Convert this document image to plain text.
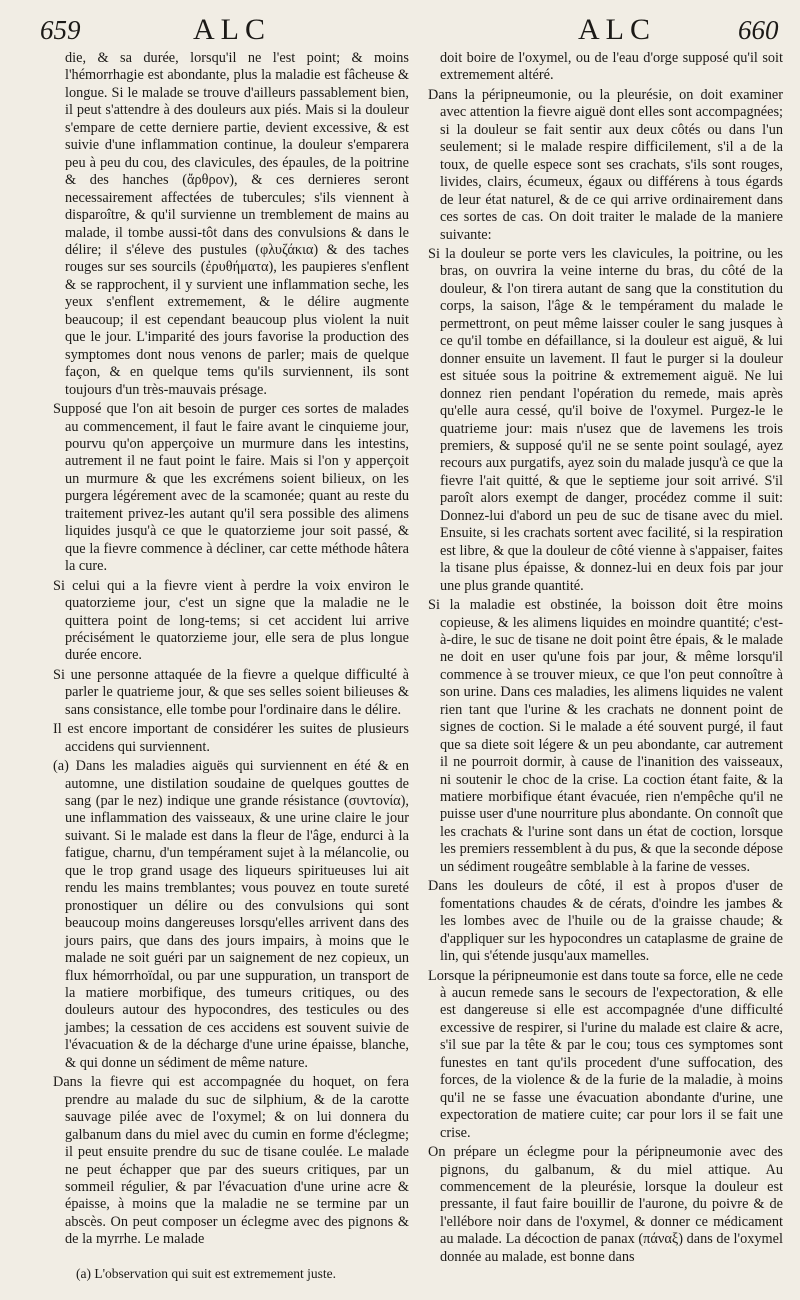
659	ALC	ALC	660

die, & sa durée, lorsqu'il ne l'est point; & moins l'hémorrhagie est abondante, plus la maladie est fâcheuse & longue. Si le malade se trouve d'ailleurs passablement bien, il peut s'attendre à des douleurs aux piés. Mais si la douleur s'empare de cette derniere partie, devient excessive, & est suivie d'une inflammation continue, la douleur s'emparera peu à peu du cou, des clavicules, des épaules, de la poitrine & des hanches (ἄρθρον), & ces dernieres seront necessairement affectées de tubercules; s'ils viennent à disparoître, & qu'il survienne un tremblement de mains au malade, il tombe aussi-tôt dans des convulsions & dans le délire; il s'éleve des pustules (φλυζάκια) & des taches rouges sur ses sourcils (ἐρυθήματα), les paupieres s'enflent & se rapprochent, il y survient une inflammation seche, les yeux s'enflent extremement, & le délire augmente beaucoup; il est cependant beaucoup plus violent la nuit que le jour. L'imparité des jours favorise la production des symptomes dont nous venons de parler; mais de quelque façon, & en quelque tems qu'ils surviennent, ils sont toujours d'un très-mauvais présage.

Supposé que l'on ait besoin de purger ces sortes de malades au commencement, il faut le faire avant le cinquieme jour, pourvu qu'on apperçoive un murmure dans les intestins, autrement il ne faut point le faire. Mais si l'on y apperçoit un murmure & que les excrémens soient bilieux, on les purgera légérement avec de la scamonée; quant au reste du traitement privez-les autant qu'il sera possible des alimens liquides jusqu'à ce que le quatorzieme jour soit passé, & que la fievre commence à décliner, car cette méthode hâtera la cure.

Si celui qui a la fievre vient à perdre la voix environ le quatorzieme jour, c'est un signe que la maladie ne le quittera point de long-tems; si cet accident lui arrive précisément le quatorzieme jour, elle sera de plus longue durée encore.

Si une personne attaquée de la fievre a quelque difficulté à parler le quatrieme jour, & que ses selles soient bilieuses & sans consistance, elle tombe pour l'ordinaire dans le délire.

Il est encore important de considérer les suites de plusieurs accidens qui surviennent.

(a) Dans les maladies aiguës qui surviennent en été & en automne, une distilation soudaine de quelques gouttes de sang (par le nez) indique une grande résistance (συντονία), une inflammation des vaisseaux, & une urine claire le jour suivant. Si le malade est dans la fleur de l'âge, endurci à la fatigue, charnu, d'un tempérament sujet à la mélancolie, ou que le trop grand usage des liqueurs spiritueuses lui ait rendu les mains tremblantes; vous pouvez en toute sureté pronostiquer un délire ou des convulsions qui sont beaucoup moins dangereuses lorsqu'elles arrivent dans des jours pairs, que dans des jours impairs, à moins que le malade ne soit guéri par un saignement de nez copieux, un flux hémorrhoïdal, ou par une suppuration, un transport de la matiere morbifique, des tumeurs critiques, ou des douleurs autour des hypocondres, des testicules ou des jambes; la cessation de ces accidens est souvent suivie de l'évacuation & de la décharge d'une urine épaisse, blanche, & qui donne un sédiment de même nature.

Dans la fievre qui est accompagnée du hoquet, on fera prendre au malade du suc de silphium, & de la carotte sauvage pilée avec de l'oxymel; & on lui donnera du galbanum dans du miel avec du cumin en forme d'éclegme; il peut ensuite prendre du suc de tisane coulée. Le malade ne peut échapper que par des sueurs critiques, par un sommeil régulier, & par l'évacuation d'une urine acre & épaisse, à moins que la maladie ne se termine par un abscès. On peut composer un éclegme avec des pignons & de la myrrhe. Le malade

doit boire de l'oxymel, ou de l'eau d'orge supposé qu'il soit extremement altéré.

Dans la péripneumonie, ou la pleurésie, on doit examiner avec attention la fievre aiguë dont elles sont accompagnées; si la douleur se fait sentir aux deux côtés ou dans l'un seulement; si le malade respire difficilement, s'il a de la toux, de quelle espece sont ses crachats, s'ils sont rouges, livides, clairs, écumeux, égaux ou différens à tous égards de leur état naturel, & de ce qui arrive ordinairement dans ces sortes de cas. On doit traiter le malade de la maniere suivante:

Si la douleur se porte vers les clavicules, la poitrine, ou les bras, on ouvrira la veine interne du bras, du côté de la douleur, & l'on tirera autant de sang que la constitution du corps, la saison, l'âge & le tempérament du malade le permettront, on peut même laisser couler le sang jusques à ce qu'il tombe en défaillance, si la douleur est aiguë, & lui donner ensuite un lavement. Il faut le purger si la douleur est située sous la poitrine & extremement aiguë. Ne lui donnez rien pendant l'opération du remede, mais après qu'elle aura cessé, qu'il boive de l'oxymel. Purgez-le le quatrieme jour: mais n'usez que de lavemens les trois premiers, & supposé qu'il ne se sente point soulagé, ayez recours aux purgatifs, ayez soin du malade jusqu'à ce que la fievre l'ait quitté, & que le septieme jour soit arrivé. S'il paroît alors exempt de danger, procédez comme il suit: Donnez-lui d'abord un peu de suc de tisane avec du miel. Ensuite, si les crachats sortent avec facilité, si la respiration est libre, & que la douleur de côté vienne à s'appaiser, faites la tisane plus épaisse, & donnez-lui en deux fois par jour une plus grande quantité.

Si la maladie est obstinée, la boisson doit être moins copieuse, & les alimens liquides en moindre quantité; c'est-à-dire, le suc de tisane ne doit point être épais, & le malade ne doit en user qu'une fois par jour, & même lorsqu'il commence à se trouver mieux, ce que l'on peut connoître à son urine. Dans ces maladies, les alimens liquides ne valent rien tant que l'urine & les crachats ne donnent point de signes de coction. Si le malade a été souvent purgé, il faut que sa diete soit légere & un peu abondante, car autrement il ne pourroit dormir, à cause de l'inanition des vaisseaux, ni soutenir le choc de la crise. La coction étant faite, & la matiere morbifique étant évacuée, rien n'empêche qu'il ne puisse user d'une nourriture plus abondante. On connoît que les crachats & l'urine sont dans un état de coction, lorsque les premiers ressemblent à du pus, & que la seconde dépose un sédiment rougeâtre semblable à la farine de vesses.

Dans les douleurs de côté, il est à propos d'user de fomentations chaudes & de cérats, d'oindre les jambes & les lombes avec de l'huile ou de la graisse chaude; & d'appliquer sur les hypocondres un cataplasme de graine de lin, qui s'étende jusqu'aux mamelles.

Lorsque la péripneumonie est dans toute sa force, elle ne cede à aucun remede sans le secours de l'expectoration, & elle est dangereuse si elle est accompagnée d'une difficulté excessive de respirer, si l'urine du malade est claire & acre, s'il sue par la tête & par le cou; tous ces symptomes sont funestes en tant qu'ils procedent d'une suffocation, des forces, de la violence & de la furie de la maladie, à moins qu'il ne se fasse une évacuation abondante d'urine, une expectoration de matiere cuite; car pour lors il se fait une crise.

On prépare un éclegme pour la péripneumonie avec des pignons, du galbanum, & du miel attique. Au commencement de la pleurésie, lorsque la douleur est pressante, il faut faire bouillir de l'aurone, du poivre & de l'ellébore noir dans de l'oxymel, & donner ce médicament au malade. La décoction de panax (πάναξ) dans de l'oxymel donnée au malade, est bonne dans

(a) L'observation qui suit est extremement juste.
